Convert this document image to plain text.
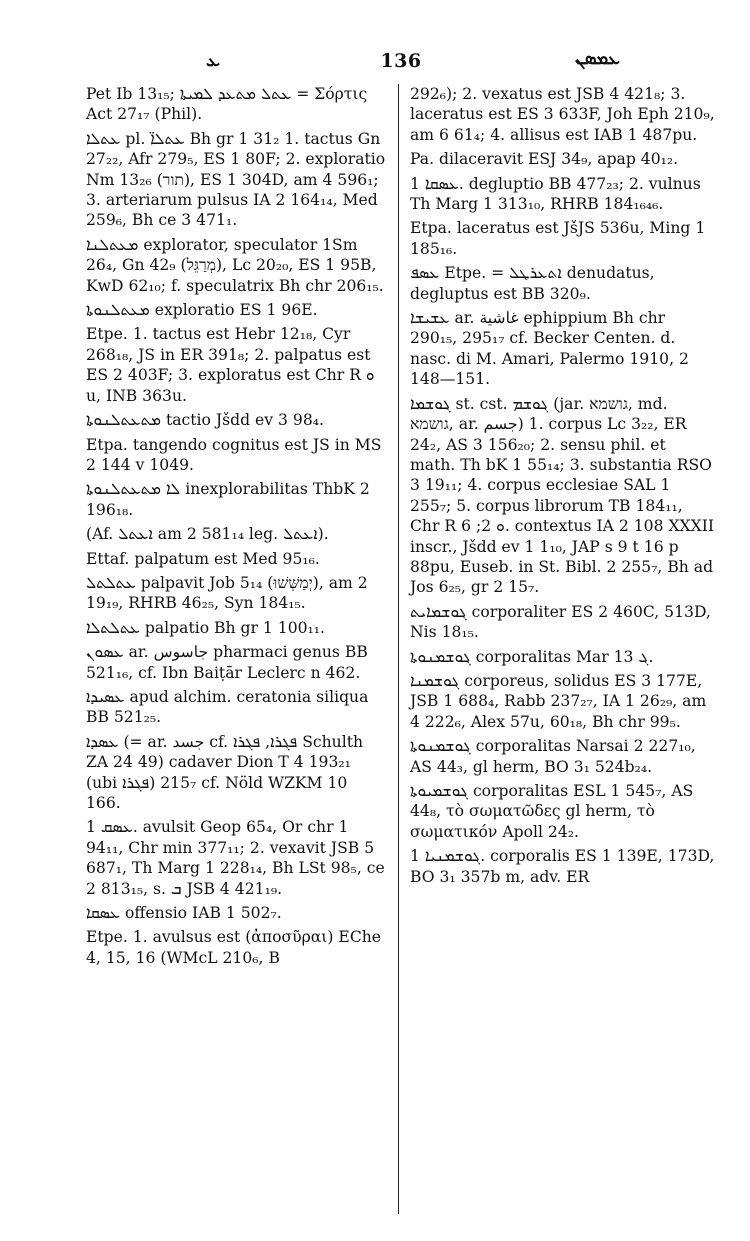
ܥ	136	ܥܡܣܢ

Pet Ib 13₁₅; ܥܬܠ ܡܬܥܕ ܠܡܝܬܐ = Σόρτις Act 27₁₇ (Phil).

ܥܬܠܐ pl. ܥܬܠܐ̈ Bh gr 1 31₂ 1. tactus Gn 27₂₂, Afr 279₅, ES 1 80F; 2. exploratio Nm 13₂₆ (תור), ES 1 304D, am 4 596₁; 3. arteriarum pulsus IA 2 164₁₄, Med 259₆, Bh ce 3 471₁.

ܡܥܬܠܢܐ explorator, speculator 1Sm 26₄, Gn 42₉ (מְרַגֵּל), Lc 20₂₀, ES 1 95B, KwD 62₁₀; f. speculatrix Bh chr 206₁₅.

ܡܥܬܠܢܘܬܐ exploratio ES 1 96E.

Etpe. 1. tactus est Hebr 12₁₈, Cyr 268₁₈, JS in ER 391₈; 2. palpatus est ES 2 403F; 3. exploratus est Chr R ܘ u, INB 363u.

ܡܬܥܬܠܢܘܬܐ tactio Jšdd ev 3 98₄.

Etpa. tangendo cognitus est JS in MS 2 144 v 1049.

ܠܐ ܡܬܥܬܠܢܘܬܐ inexplorabilitas ThbK 2 196₁₈.

(Af. ܐܥܬܠ am 2 581₁₄ leg. ܐܥܬܠ).

Ettaf. palpatum est Med 95₁₆.

ܥܬܠܬܠ palpavit Job 5₁₄ (יְמַשְּׁשׁוּ), am 2 19₁₉, RHRB 46₂₅, Syn 184₁₅.

ܥܬܠܬܠܐ palpatio Bh gr 1 100₁₁.

ܥܣܘܢ ar. جاسوس pharmaci genus BB 521₁₆, cf. Ibn Baiṭār Leclerc n 462.

ܥܣܝܕܐ apud alchim. ceratonia siliqua BB 521₂₅.

ܥܣܕܐ (= ar. جسد cf. ܦܓܪܐ, ܦܓܪܐ Schulth ZA 24 49) cadaver Dion T 4 193₂₁ (ubi ܦܓܪܐ) 215₇ cf. Nöld WZKM 10 166.

ܥܣܩ 1. avulsit Geop 65₄, Or chr 1 94₁₁, Chr min 377₁₁; 2. vexavit JSB 5 687₁, Th Marg 1 228₁₄, Bh LSt 98₅, ce 2 813₁₅, s. ܒ JSB 4 421₁₉.

ܥܣܩܐ offensio IAB 1 502₇.

Etpe. 1. avulsus est (ἀποσῦραι) EChe 4, 15, 16 (WMcL 210₆, B

292₆); 2. vexatus est JSB 4 421₈; 3. laceratus est ES 3 633F, Joh Eph 210₉, am 6 61₄; 4. allisus est IAB 1 487pu.

Pa. dilaceravit ESJ 34₉, apap 40₁₂.

ܥܣܩܐ 1. degluptio BB 477₂₃; 2. vulnus Th Marg 1 313₁₀, RHRB 184₁₆₄₆.

Etpa. laceratus est JšJS 536u, Ming 1 185₁₆.

ܥܣܦ Etpe. = ܐܬܥܪܛܠ denudatus, degluptus est BB 320₉.

ܥܫܝܫܐ ar. غاشية ephippium Bh chr 290₁₅, 295₁₇ cf. Becker Centen. d. nasc. di M. Amari, Palermo 1910, 2 148—151.

ܓܘܫܡܐ st. cst. ܓܘܫܡ (jar. גושמא, md. גושמא, ar. جسم) 1. corpus Lc 3₂₂, ER 24₂, AS 3 156₂₀; 2. sensu phil. et math. Th bK 1 55₁₄; 3. substantia RSO 3 19₁₁; 4. corpus ecclesiae SAL 1 255₇; 5. corpus librorum TB 184₁₁, Chr R ܘ 2; 6. contextus IA 2 108 XXXII inscr., Jšdd ev 1 1₁₀, JAP s 9 t 16 p 88pu, Euseb. in St. Bibl. 2 255₇, Bh ad Jos 6₂₅, gr 2 15₇.

ܓܘܫܡܐܝܬ corporaliter ES 2 460C, 513D, Nis 18₁₅.

ܓܘܫܡܢܘܬܐ corporalitas Mar ܓ 13.

ܓܘܫܡܢܐ corporeus, solidus ES 3 177E, JSB 1 688₄, Rabb 237₂₇, IA 1 26₂₉, am 4 222₆, Alex 57u, 60₁₈, Bh chr 99₅.

ܓܘܫܡܢܘܬܐ corporalitas Narsai 2 227₁₀, AS 44₃, gl herm, BO 3₁ 524b₂₄.

ܓܘܫܡܝܘܬܐ corporalitas ESL 1 545₇, AS 44₈, τὸ σωματῶδες gl herm, τὸ σωματικόν Apoll 24₂.

ܓܘܫܡܢܝܐ 1. corporalis ES 1 139E, 173D, BO 3₁ 357b m, adv. ER
